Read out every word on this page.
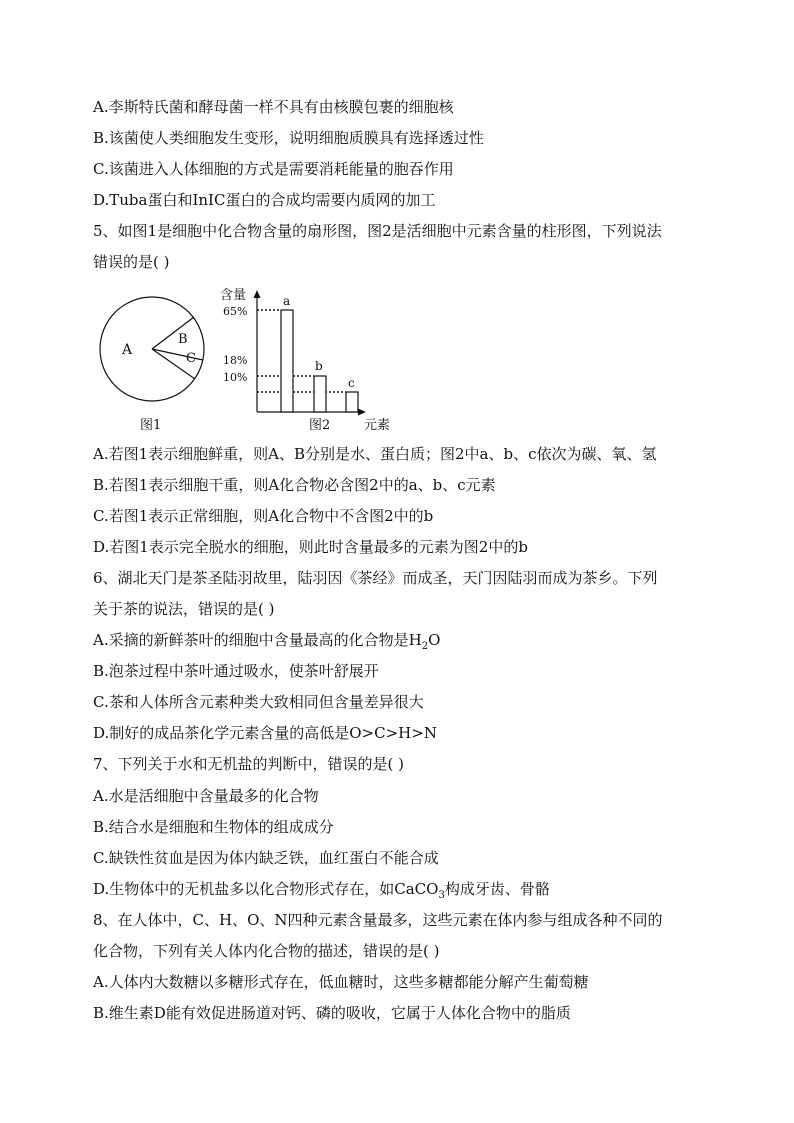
A.李斯特氏菌和酵母菌一样不具有由核膜包裹的细胞核
B.该菌使人类细胞发生变形，说明细胞质膜具有选择透过性
C.该菌进入人体细胞的方式是需要消耗能量的胞吞作用
D.Tuba蛋白和InIC蛋白的合成均需要内质网的加工
5、如图1是细胞中化合物含量的扇形图，图2是活细胞中元素含量的柱形图，下列说法
错误的是( )
A
B
C
图1
含量
元素
图2
65%
18%
10%
a
b
c
A.若图1表示细胞鲜重，则A、B分别是水、蛋白质；图2中a、b、c依次为碳、氧、氢
B.若图1表示细胞干重，则A化合物必含图2中的a、b、c元素
C.若图1表示正常细胞，则A化合物中不含图2中的b
D.若图1表示完全脱水的细胞，则此时含量最多的元素为图2中的b
6、湖北天门是茶圣陆羽故里，陆羽因《茶经》而成圣，天门因陆羽而成为茶乡。下列
关于茶的说法，错误的是( )
A.采摘的新鲜茶叶的细胞中含量最高的化合物是$H_2O$
B.泡茶过程中茶叶通过吸水，使茶叶舒展开
C.茶和人体所含元素种类大致相同但含量差异很大
D.制好的成品茶化学元素含量的高低是O>C>H>N
7、下列关于水和无机盐的判断中，错误的是( )
A.水是活细胞中含量最多的化合物
B.结合水是细胞和生物体的组成成分
C.缺铁性贫血是因为体内缺乏铁，血红蛋白不能合成
D.生物体中的无机盐多以化合物形式存在，如CaCO$_3$构成牙齿、骨骼
8、在人体中，C、H、O、N四种元素含量最多，这些元素在体内参与组成各种不同的
化合物，下列有关人体内化合物的描述，错误的是( )
A.人体内大数糖以多糖形式存在，低血糖时，这些多糖都能分解产生葡萄糖
B.维生素D能有效促进肠道对钙、磷的吸收，它属于人体化合物中的脂质
